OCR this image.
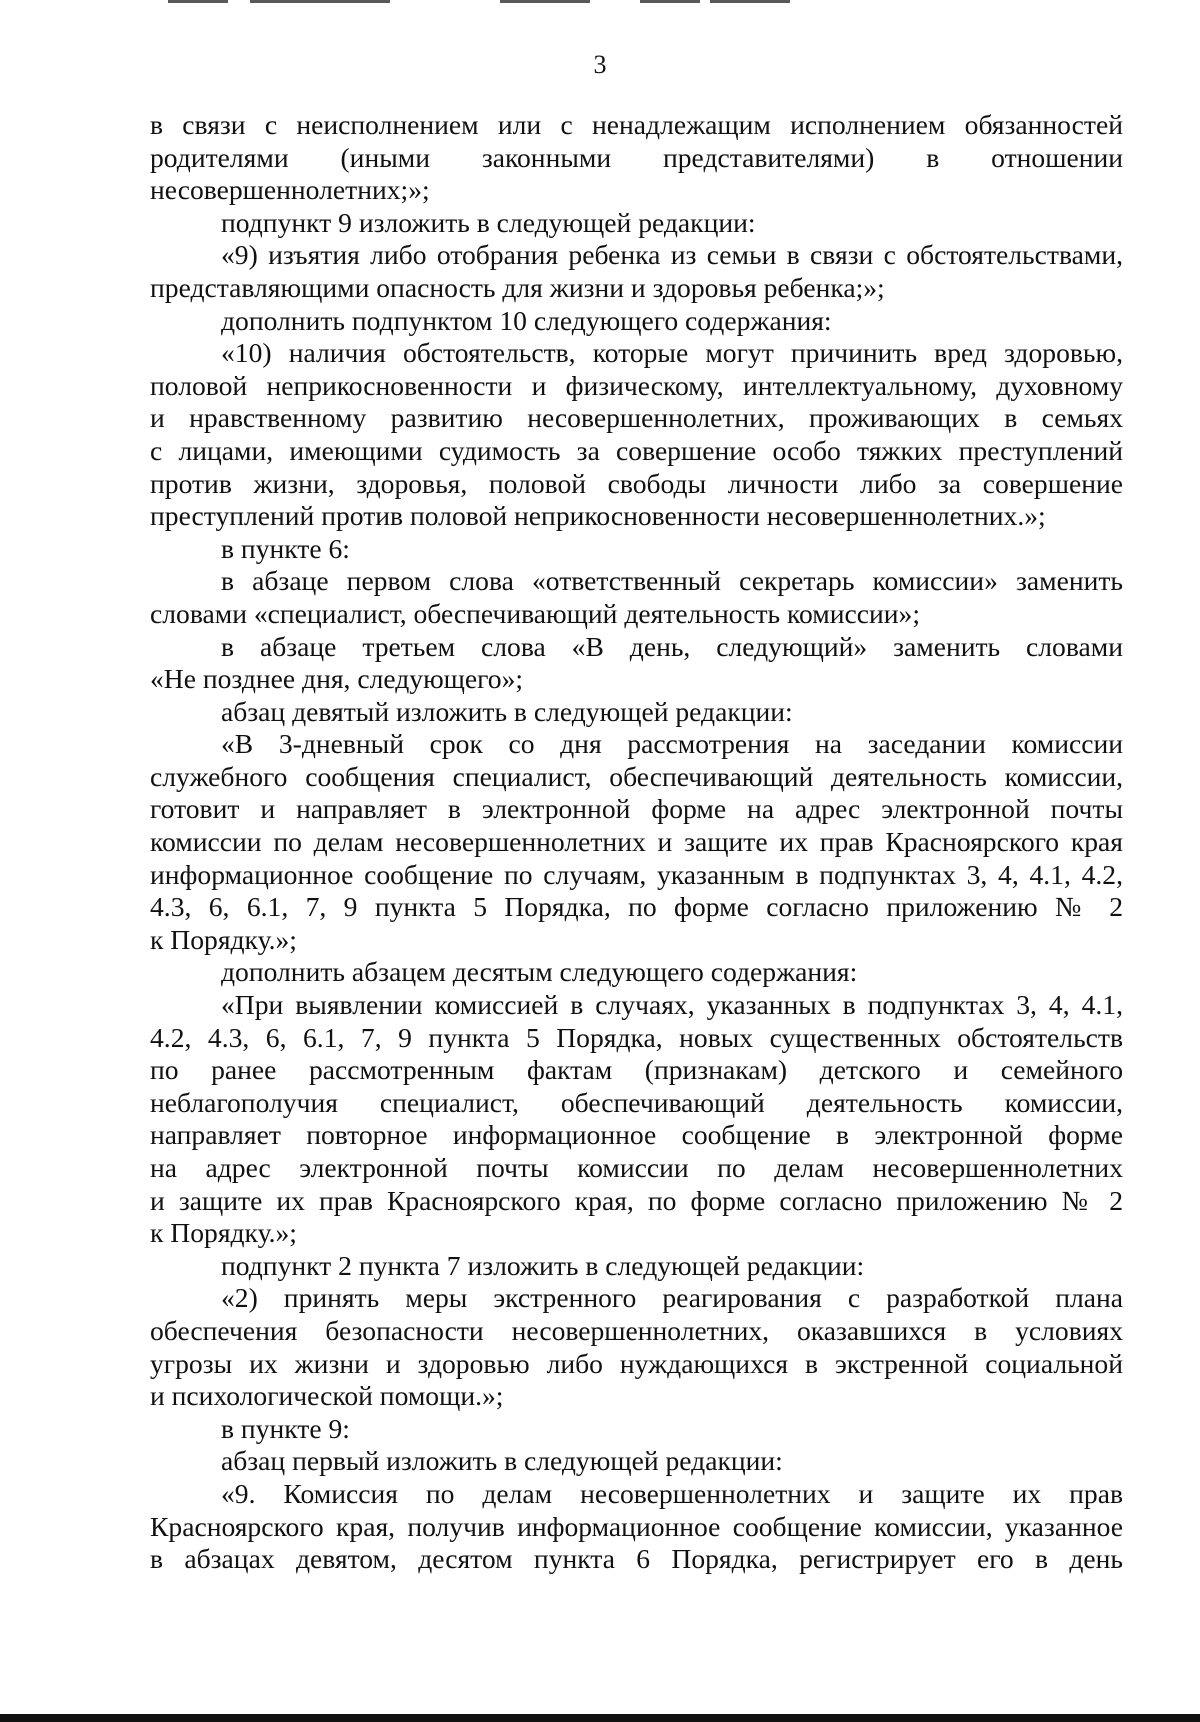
3
в связи с неисполнением или с ненадлежащим исполнением обязанностей
родителями (иными законными представителями) в отношении
несовершеннолетних;»;
подпункт 9 изложить в следующей редакции:
«9) изъятия либо отобрания ребенка из семьи в связи с обстоятельствами,
представляющими опасность для жизни и здоровья ребенка;»;
дополнить подпунктом 10 следующего содержания:
«10) наличия обстоятельств, которые могут причинить вред здоровью,
половой неприкосновенности и физическому, интеллектуальному, духовному
и нравственному развитию несовершеннолетних, проживающих в семьях
с лицами, имеющими судимость за совершение особо тяжких преступлений
против жизни, здоровья, половой свободы личности либо за совершение
преступлений против половой неприкосновенности несовершеннолетних.»;
в пункте 6:
в абзаце первом слова «ответственный секретарь комиссии» заменить
словами «специалист, обеспечивающий деятельность комиссии»;
в абзаце третьем слова «В день, следующий» заменить словами
«Не позднее дня, следующего»;
абзац девятый изложить в следующей редакции:
«В 3-дневный срок со дня рассмотрения на заседании комиссии
служебного сообщения специалист, обеспечивающий деятельность комиссии,
готовит и направляет в электронной форме на адрес электронной почты
комиссии по делам несовершеннолетних и защите их прав Красноярского края
информационное сообщение по случаям, указанным в подпунктах 3, 4, 4.1, 4.2,
4.3, 6, 6.1, 7, 9 пункта 5 Порядка, по форме согласно приложению № 2
к Порядку.»;
дополнить абзацем десятым следующего содержания:
«При выявлении комиссией в случаях, указанных в подпунктах 3, 4, 4.1,
4.2, 4.3, 6, 6.1, 7, 9 пункта 5 Порядка, новых существенных обстоятельств
по ранее рассмотренным фактам (признакам) детского и семейного
неблагополучия специалист, обеспечивающий деятельность комиссии,
направляет повторное информационное сообщение в электронной форме
на адрес электронной почты комиссии по делам несовершеннолетних
и защите их прав Красноярского края, по форме согласно приложению № 2
к Порядку.»;
подпункт 2 пункта 7 изложить в следующей редакции:
«2) принять меры экстренного реагирования с разработкой плана
обеспечения безопасности несовершеннолетних, оказавшихся в условиях
угрозы их жизни и здоровью либо нуждающихся в экстренной социальной
и психологической помощи.»;
в пункте 9:
абзац первый изложить в следующей редакции:
«9. Комиссия по делам несовершеннолетних и защите их прав
Красноярского края, получив информационное сообщение комиссии, указанное
в абзацах девятом, десятом пункта 6 Порядка, регистрирует его в день
